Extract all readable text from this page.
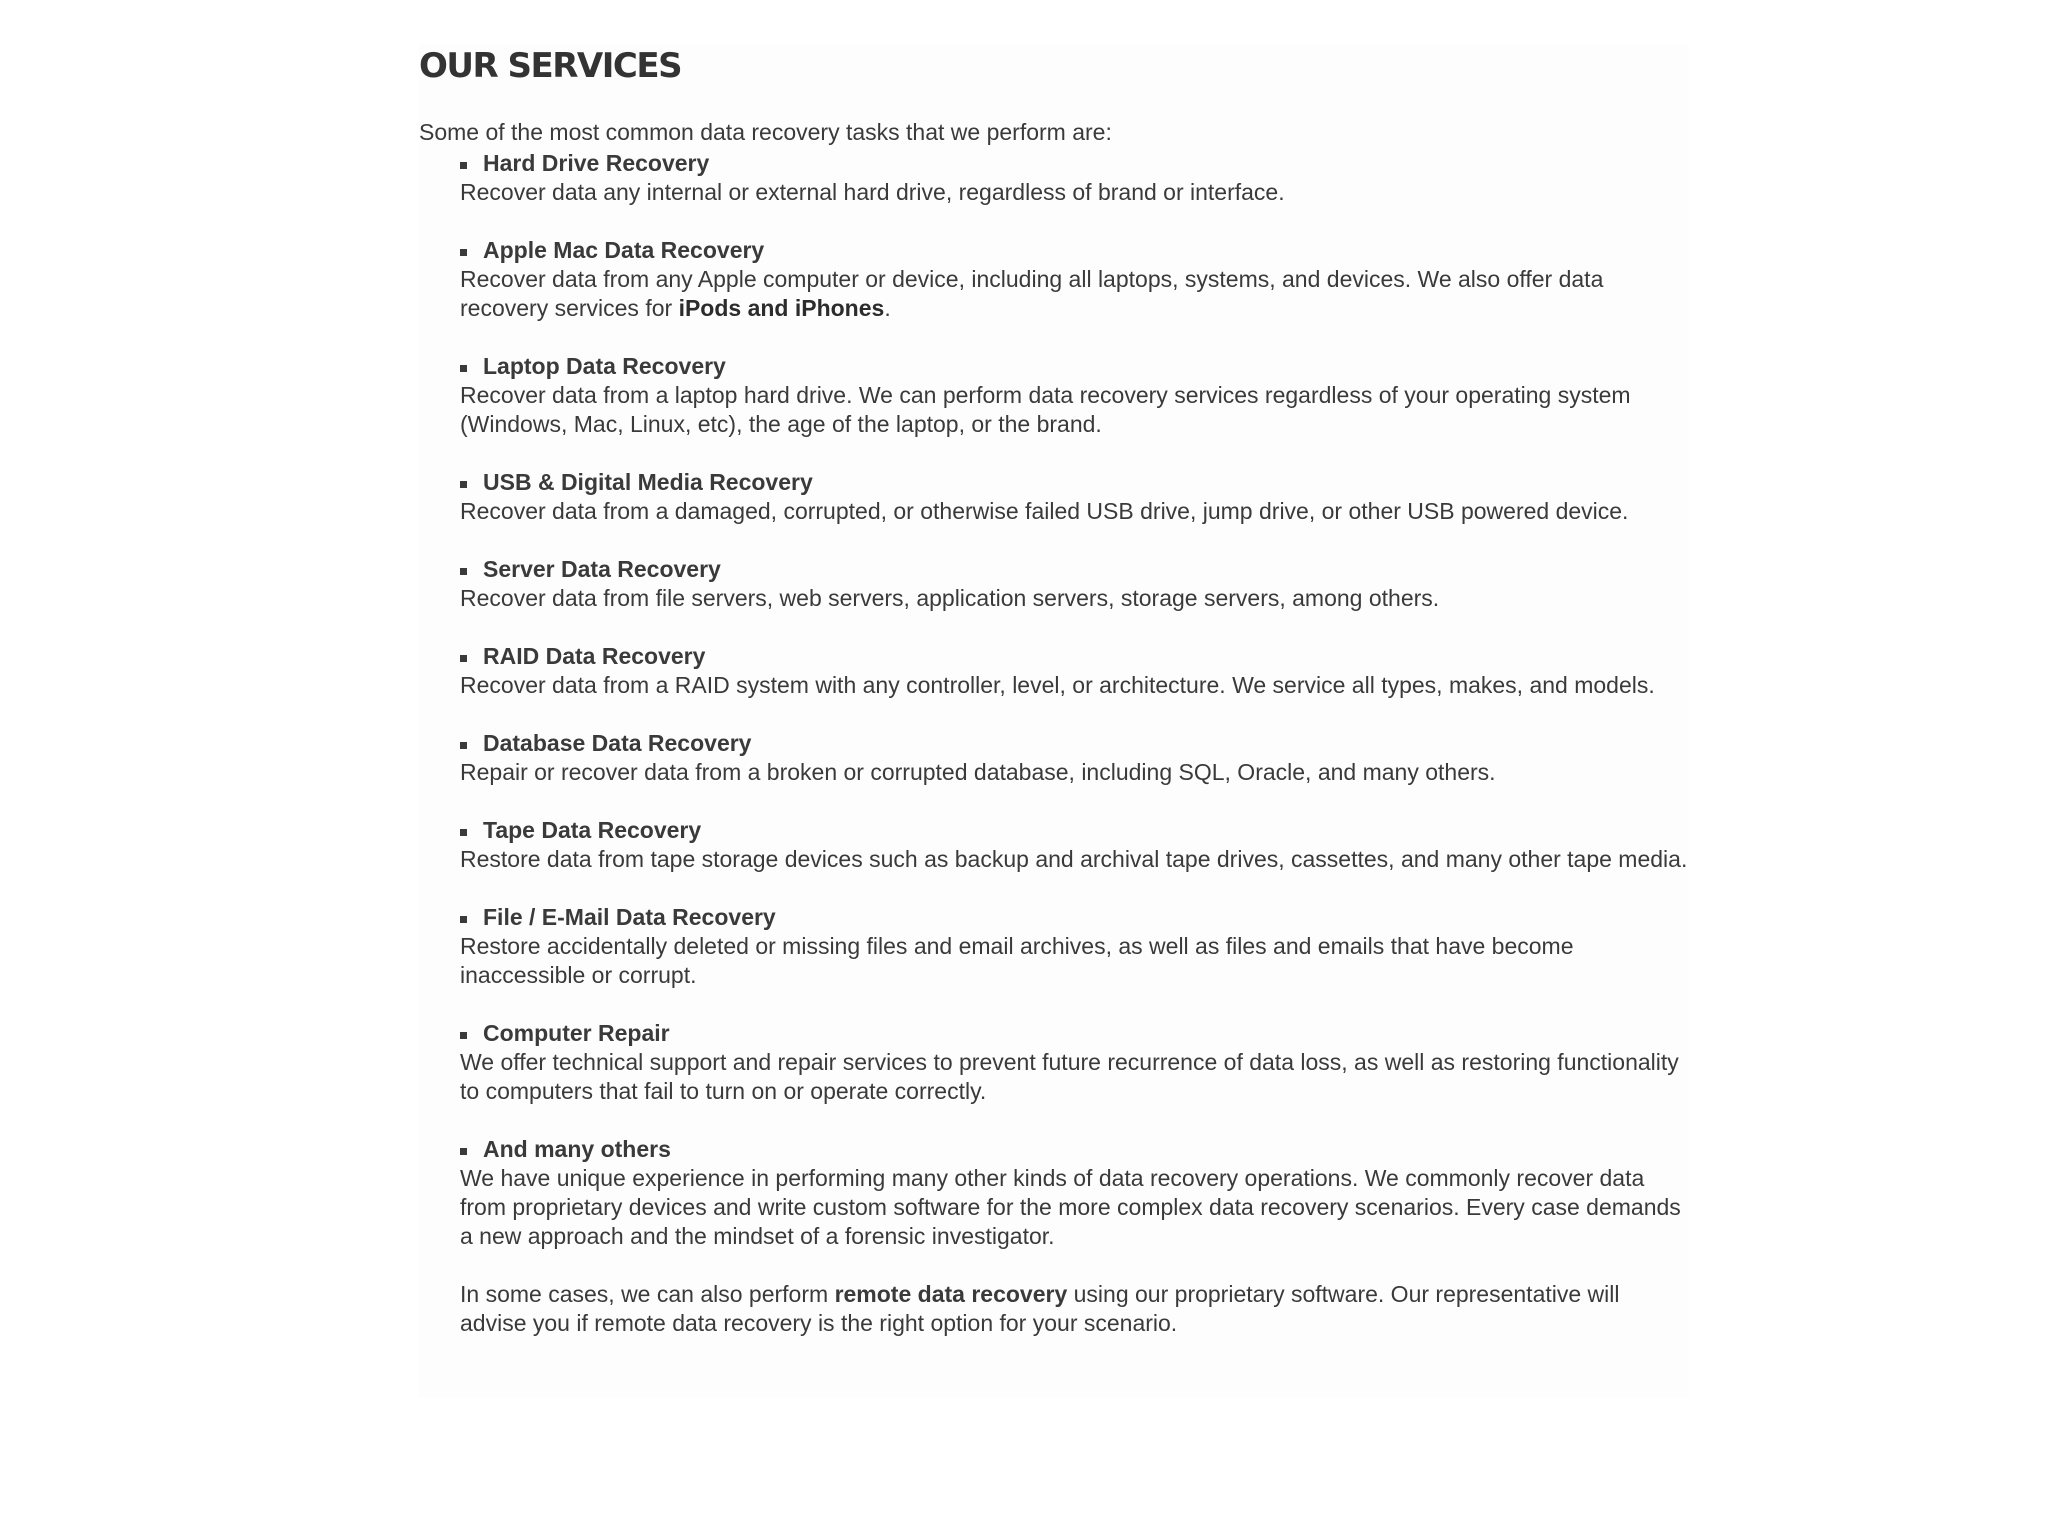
OUR SERVICES

Some of the most common data recovery tasks that we perform are:

Hard Drive Recovery

Recover data any internal or external hard drive, regardless of brand or interface.

Apple Mac Data Recovery

Recover data from any Apple computer or device, including all laptops, systems, and devices. We also offer data recovery services for iPods and iPhones.

Laptop Data Recovery

Recover data from a laptop hard drive. We can perform data recovery services regardless of your operating system (Windows, Mac, Linux, etc), the age of the laptop, or the brand.

USB & Digital Media Recovery

Recover data from a damaged, corrupted, or otherwise failed USB drive, jump drive, or other USB powered device.

Server Data Recovery

Recover data from file servers, web servers, application servers, storage servers, among others.

RAID Data Recovery

Recover data from a RAID system with any controller, level, or architecture. We service all types, makes, and models.

Database Data Recovery

Repair or recover data from a broken or corrupted database, including SQL, Oracle, and many others.

Tape Data Recovery

Restore data from tape storage devices such as backup and archival tape drives, cassettes, and many other tape media.

File / E-Mail Data Recovery

Restore accidentally deleted or missing files and email archives, as well as files and emails that have become inaccessible or corrupt.

Computer Repair

We offer technical support and repair services to prevent future recurrence of data loss, as well as restoring functionality to computers that fail to turn on or operate correctly.

And many others

We have unique experience in performing many other kinds of data recovery operations. We commonly recover data from proprietary devices and write custom software for the more complex data recovery scenarios. Every case demands a new approach and the mindset of a forensic investigator.

In some cases, we can also perform remote data recovery using our proprietary software. Our representative will advise you if remote data recovery is the right option for your scenario.
